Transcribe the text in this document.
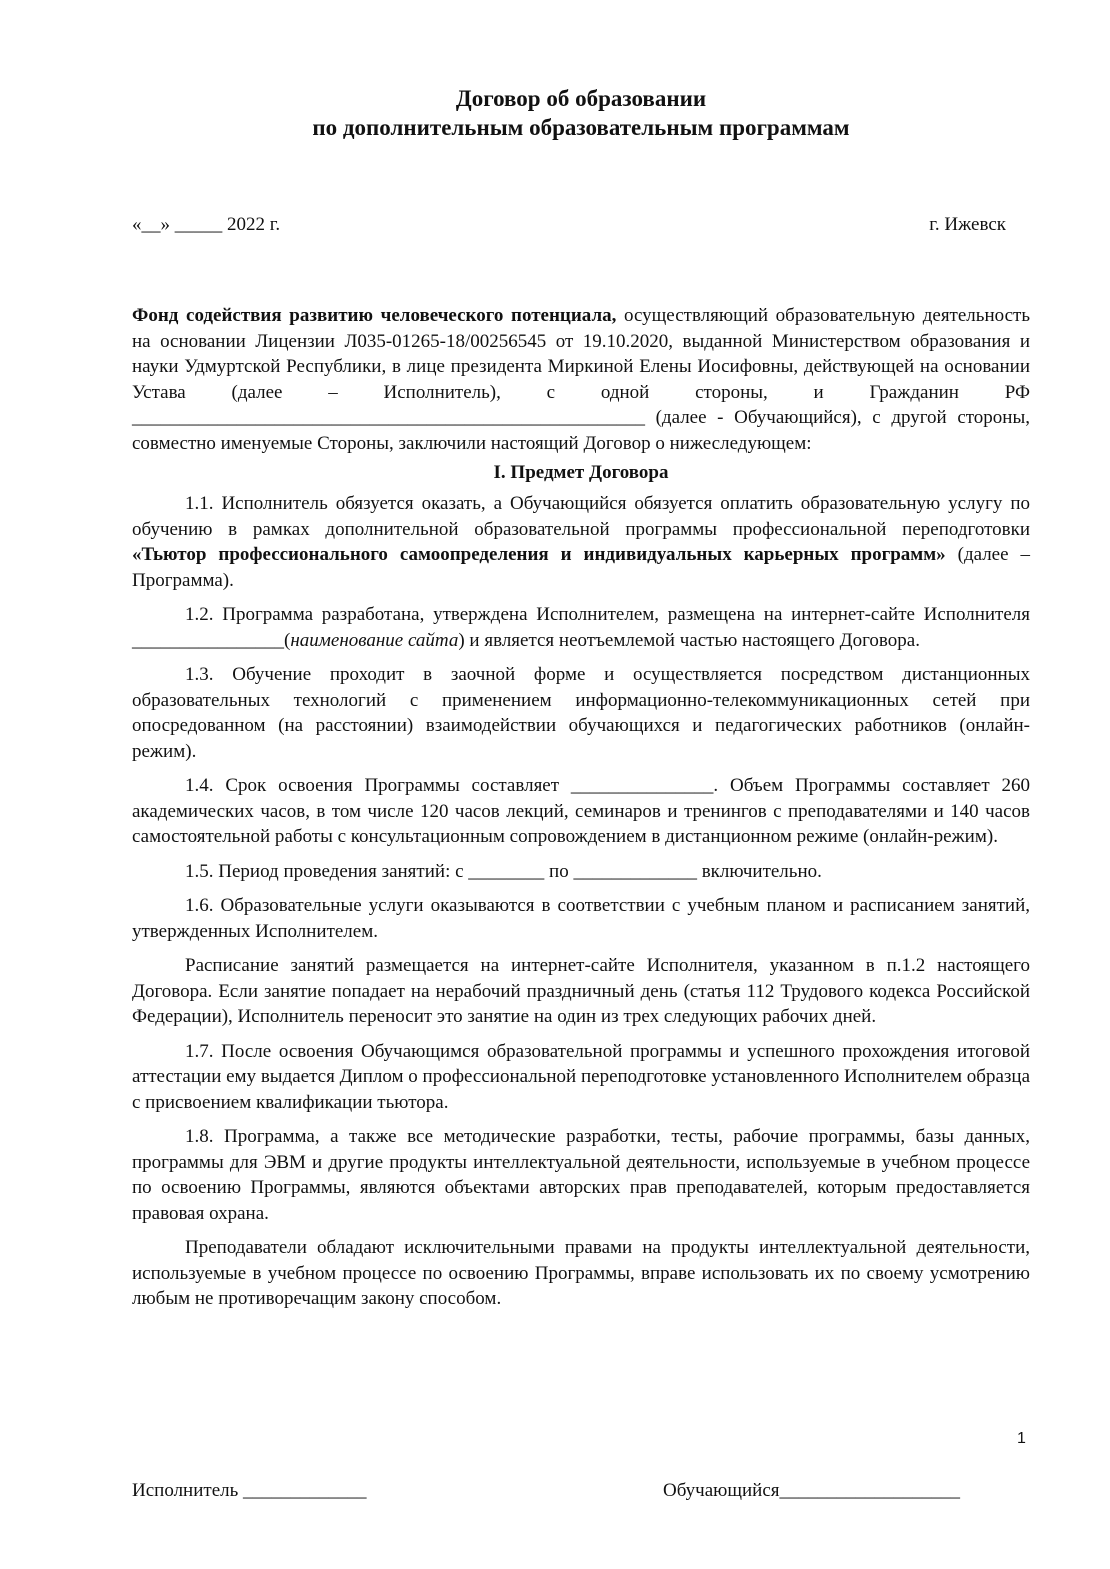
Договор об образовании
по дополнительным образовательным программам
«__» _____ 2022 г.	г. Ижевск

Фонд содействия развитию человеческого потенциала, осуществляющий образовательную деятельность на основании Лицензии Л035-01265-18/00256545 от 19.10.2020, выданной Министерством образования и науки Удмуртской Республики, в лице президента Миркиной Елены Иосифовны, действующей на основании Устава (далее – Исполнитель), с одной стороны, и Гражданин РФ ______________________________________________________ (далее - Обучающийся), с другой стороны, совместно именуемые Стороны, заключили настоящий Договор о нижеследующем:

I. Предмет Договора

1.1. Исполнитель обязуется оказать, а Обучающийся обязуется оплатить образовательную услугу по обучению в рамках дополнительной образовательной программы профессиональной переподготовки «Тьютор профессионального самоопределения и индивидуальных карьерных программ» (далее – Программа).

1.2. Программа разработана, утверждена Исполнителем, размещена на интернет-сайте Исполнителя ________________(наименование сайта) и является неотъемлемой частью настоящего Договора.

1.3. Обучение проходит в заочной форме и осуществляется посредством дистанционных образовательных технологий с применением информационно-телекоммуникационных сетей при опосредованном (на расстоянии) взаимодействии обучающихся и педагогических работников (онлайн-режим).

1.4. Срок освоения Программы составляет _______________. Объем Программы составляет 260 академических часов, в том числе 120 часов лекций, семинаров и тренингов с преподавателями и 140 часов самостоятельной работы с консультационным сопровождением в дистанционном режиме (онлайн-режим).

1.5. Период проведения занятий: с ________ по _____________ включительно.

1.6. Образовательные услуги оказываются в соответствии с учебным планом и расписанием занятий, утвержденных Исполнителем.

Расписание занятий размещается на интернет-сайте Исполнителя, указанном в п.1.2 настоящего Договора. Если занятие попадает на нерабочий праздничный день (статья 112 Трудового кодекса Российской Федерации), Исполнитель переносит это занятие на один из трех следующих рабочих дней.

1.7. После освоения Обучающимся образовательной программы и успешного прохождения итоговой аттестации ему выдается Диплом о профессиональной переподготовке установленного Исполнителем образца с присвоением квалификации тьютора.

1.8. Программа, а также все методические разработки, тесты, рабочие программы, базы данных, программы для ЭВМ и другие продукты интеллектуальной деятельности, используемые в учебном процессе по освоению Программы, являются объектами авторских прав преподавателей, которым предоставляется правовая охрана.

Преподаватели обладают исключительными правами на продукты интеллектуальной деятельности, используемые в учебном процессе по освоению Программы, вправе использовать их по своему усмотрению любым не противоречащим закону способом.

1
Исполнитель _____________	Обучающийся___________________
